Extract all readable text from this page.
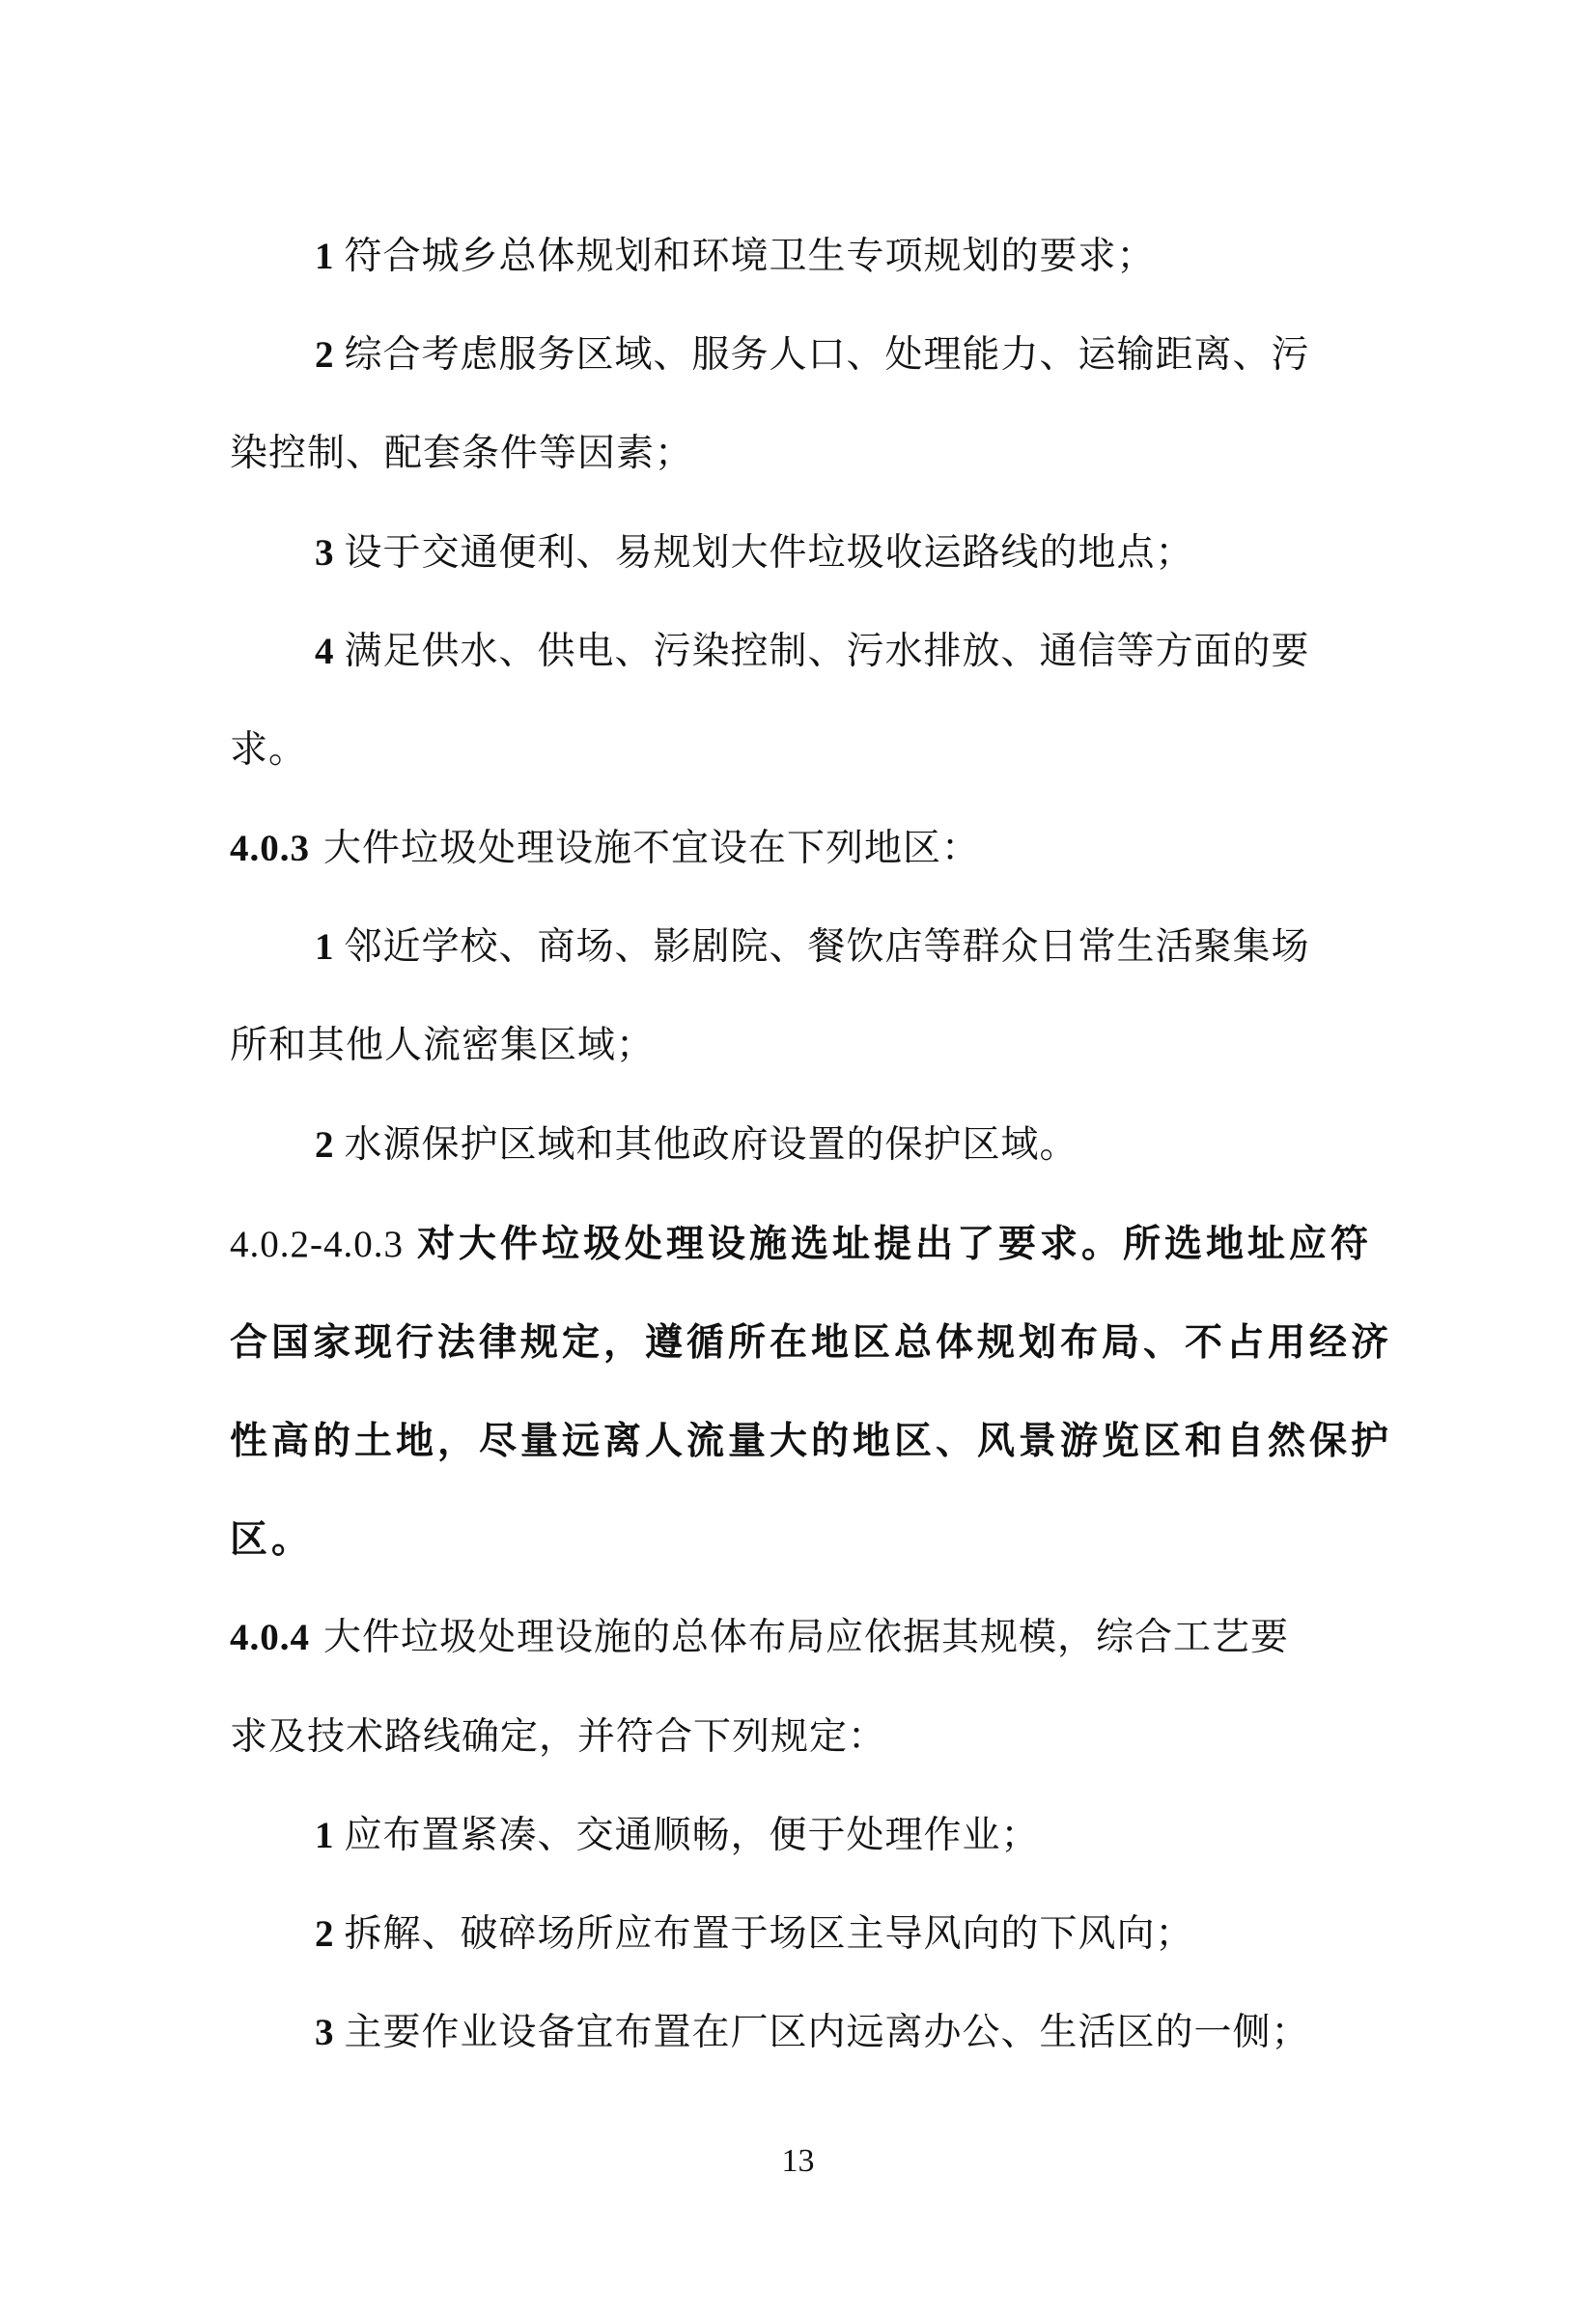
1 符合城乡总体规划和环境卫生专项规划的要求；
2 综合考虑服务区域、服务人口、处理能力、运输距离、污
染控制、配套条件等因素；
3 设于交通便利、易规划大件垃圾收运路线的地点；
4 满足供水、供电、污染控制、污水排放、通信等方面的要
求。
4.0.3 大件垃圾处理设施不宜设在下列地区：
1 邻近学校、商场、影剧院、餐饮店等群众日常生活聚集场
所和其他人流密集区域；
2 水源保护区域和其他政府设置的保护区域。
4.0.2-4.0.3 对大件垃圾处理设施选址提出了要求。所选地址应符
合国家现行法律规定，遵循所在地区总体规划布局、不占用经济
性高的土地，尽量远离人流量大的地区、风景游览区和自然保护
区。
4.0.4 大件垃圾处理设施的总体布局应依据其规模，综合工艺要
求及技术路线确定，并符合下列规定：
1 应布置紧凑、交通顺畅，便于处理作业；
2 拆解、破碎场所应布置于场区主导风向的下风向；
3 主要作业设备宜布置在厂区内远离办公、生活区的一侧；
13
